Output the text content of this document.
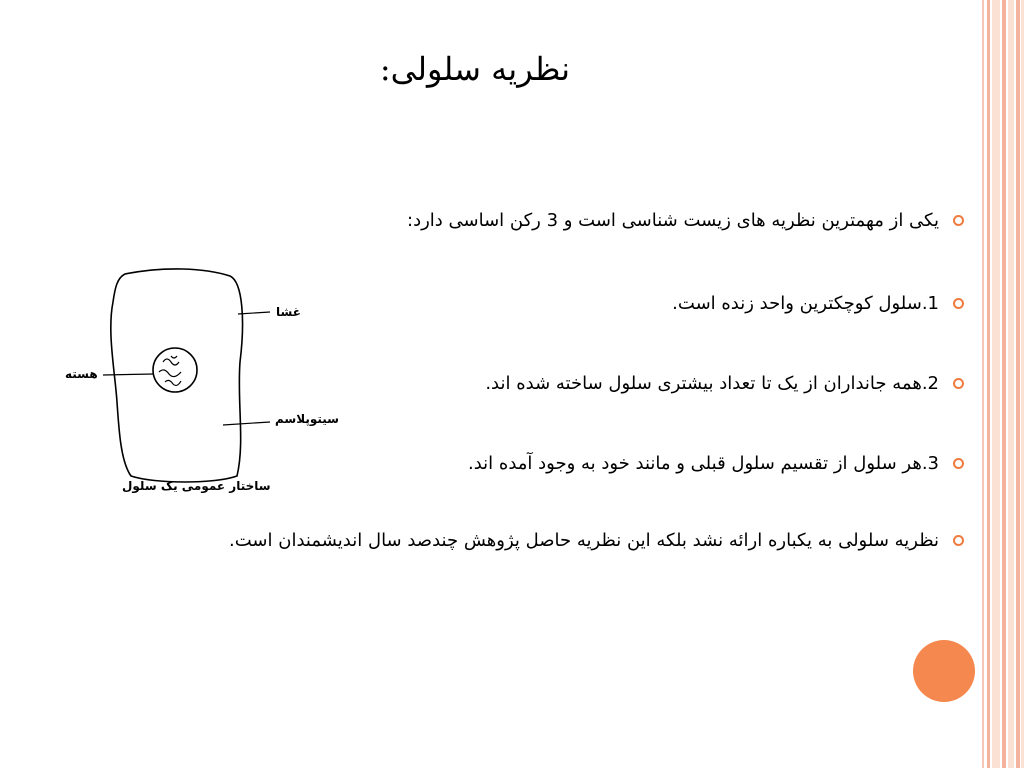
نظریه سلولی:
یکی از مهمترین نظریه های زیست شناسی است و 3 رکن اساسی دارد:
1.سلول کوچکترین واحد زنده است.
2.همه جانداران از یک تا تعداد بیشتری سلول ساخته شده اند.
3.هر سلول از تقسیم سلول قبلی و مانند خود به وجود آمده اند.
نظریه سلولی به یکباره ارائه نشد بلکه این نظریه حاصل پژوهش چندصد سال اندیشمندان است.
غشا
هسته
سیتوپلاسم
ساختار عمومی یک سلول
